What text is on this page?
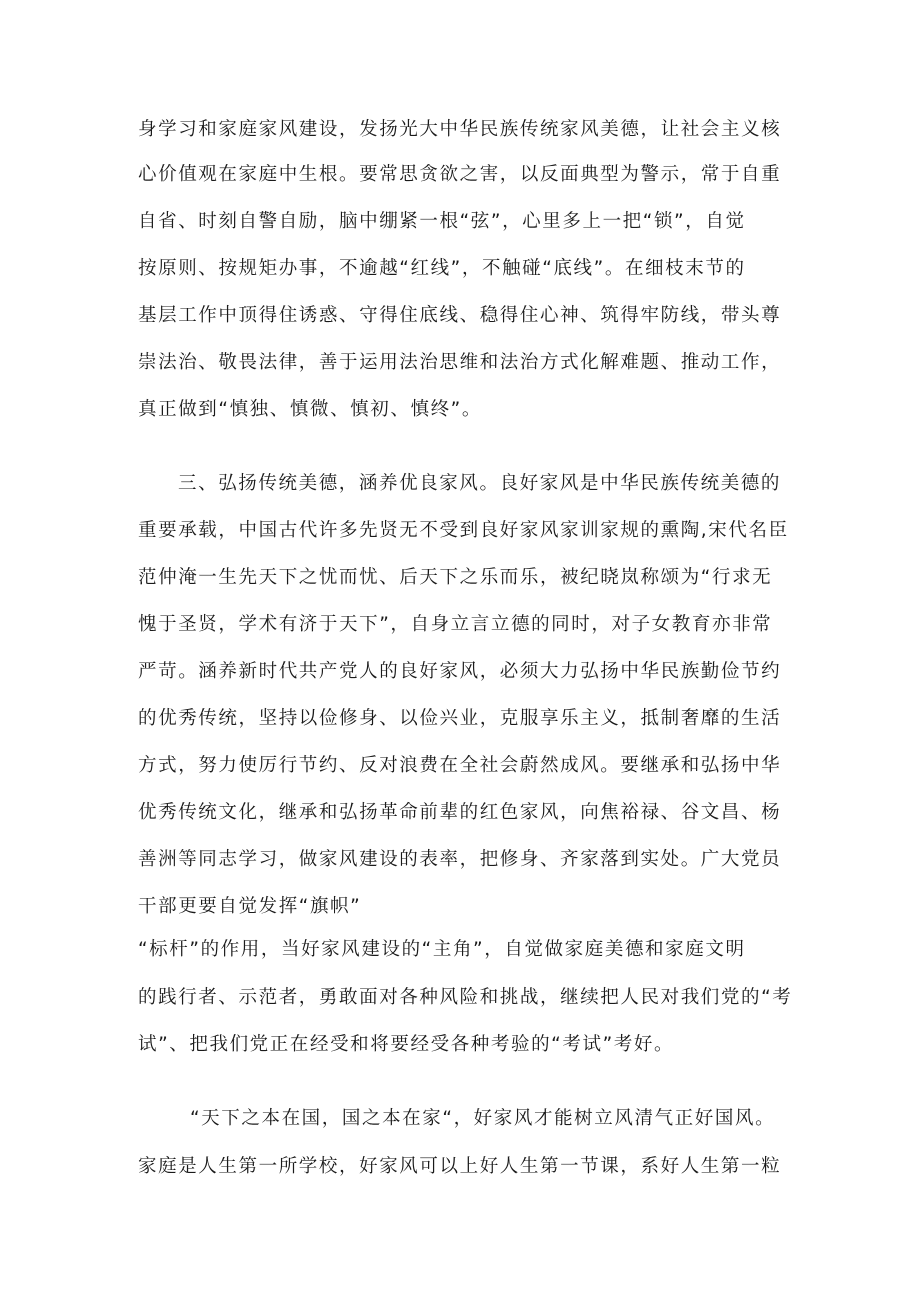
身学习和家庭家风建设，发扬光大中华民族传统家风美德，让社会主义核
心价值观在家庭中生根。要常思贪欲之害，以反面典型为警示，常于自重
自省、时刻自警自励，脑中绷紧一根“弦”，心里多上一把“锁”，自觉
按原则、按规矩办事，不逾越“红线”，不触碰“底线”。在细枝末节的
基层工作中顶得住诱惑、守得住底线、稳得住心神、筑得牢防线，带头尊
崇法治、敬畏法律，善于运用法治思维和法治方式化解难题、推动工作，
真正做到“慎独、慎微、慎初、慎终”。
三、弘扬传统美德，涵养优良家风。良好家风是中华民族传统美德的
重要承载，中国古代许多先贤无不受到良好家风家训家规的熏陶,宋代名臣
范仲淹一生先天下之忧而忧、后天下之乐而乐，被纪晓岚称颂为“行求无
愧于圣贤，学术有济于天下”，自身立言立德的同时，对子女教育亦非常
严苛。涵养新时代共产党人的良好家风，必须大力弘扬中华民族勤俭节约
的优秀传统，坚持以俭修身、以俭兴业，克服享乐主义，抵制奢靡的生活
方式，努力使厉行节约、反对浪费在全社会蔚然成风。要继承和弘扬中华
优秀传统文化，继承和弘扬革命前辈的红色家风，向焦裕禄、谷文昌、杨
善洲等同志学习，做家风建设的表率，把修身、齐家落到实处。广大党员
干部更要自觉发挥“旗帜”
“标杆”的作用，当好家风建设的“主角”，自觉做家庭美德和家庭文明
的践行者、示范者，勇敢面对各种风险和挑战，继续把人民对我们党的“考
试”、把我们党正在经受和将要经受各种考验的“考试”考好。
“天下之本在国，国之本在家“，好家风才能树立风清气正好国风。
家庭是人生第一所学校，好家风可以上好人生第一节课，系好人生第一粒
